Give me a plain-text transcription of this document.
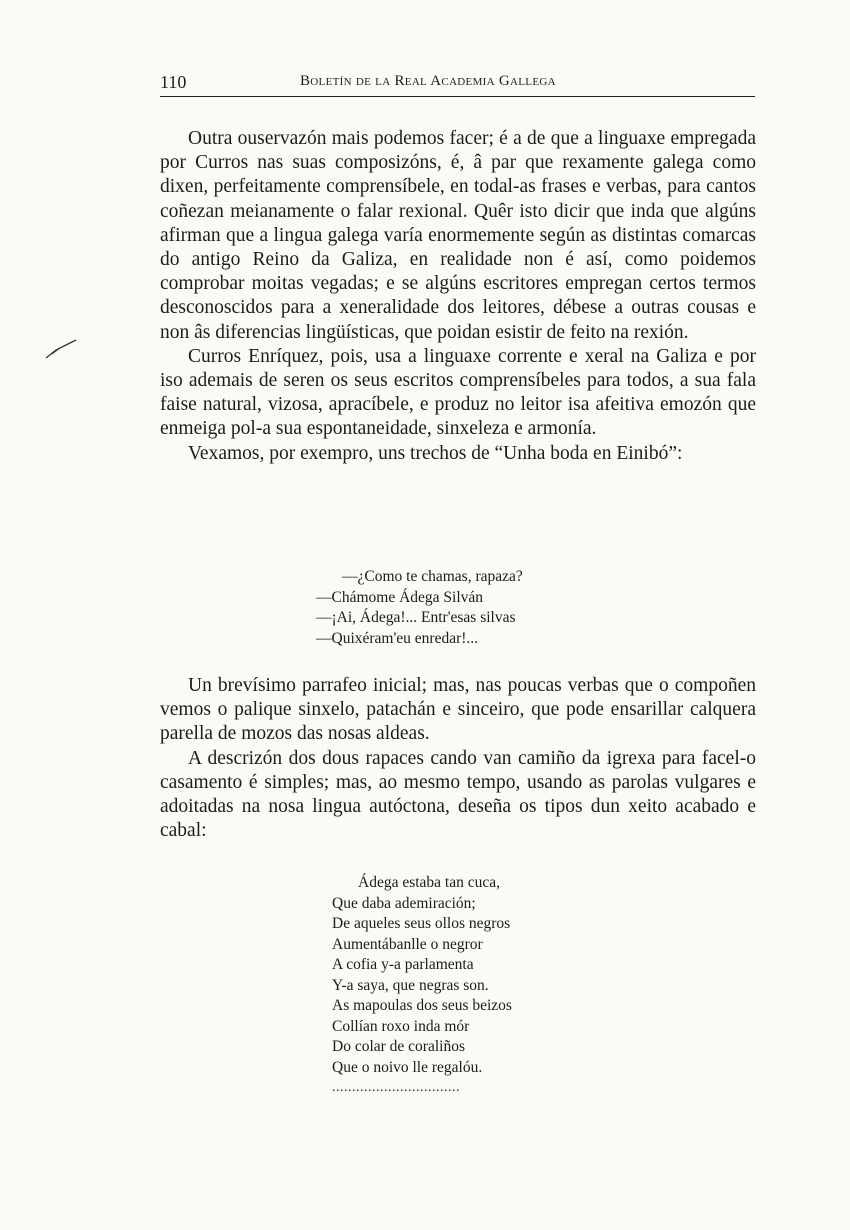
110	Boletín de la Real Academia Gallega

Outra ouservazón mais podemos facer; é a de que a linguaxe empregada por Curros nas suas composizóns, é, â par que rexamente galega como dixen, perfeitamente comprensíbele, en todal-as frases e verbas, para cantos coñezan meianamente o falar rexional. Quêr isto dicir que inda que algúns afirman que a lingua galega varía enormemente según as distintas comarcas do antigo Reino da Galiza, en realidade non é así, como poidemos comprobar moitas vegadas; e se algúns escritores empregan certos termos desconoscidos para a xeneralidade dos leitores, débese a outras cousas e non âs diferencias lingüísticas, que poidan esistir de feito na rexión.

Curros Enríquez, pois, usa a linguaxe corrente e xeral na Galiza e por iso ademais de seren os seus escritos comprensíbeles para todos, a sua fala faise natural, vizosa, apracíbele, e produz no leitor isa afeitiva emozón que enmeiga pol-a sua espontaneidade, sinxeleza e armonía.

Vexamos, por exempro, uns trechos de “Unha boda en Einibó”:

—¿Como te chamas, rapaza?
—Chámome Ádega Silván
—¡Ai, Ádega!... Entr'esas silvas
—Quixéram'eu enredar!...

Un brevísimo parrafeo inicial; mas, nas poucas verbas que o compoñen vemos o palique sinxelo, patachán e sinceiro, que pode ensarillar calquera parella de mozos das nosas aldeas.

A descrizón dos dous rapaces cando van camiño da igrexa para facel-o casamento é simples; mas, ao mesmo tempo, usando as parolas vulgares e adoitadas na nosa lingua autóctona, deseña os tipos dun xeito acabado e cabal:

Ádega estaba tan cuca,
Que daba ademiración;
De aqueles seus ollos negros
Aumentábanlle o negror
A cofia y-a parlamenta
Y-a saya, que negras son.
As mapoulas dos seus beizos
Collían roxo inda mór
Do colar de coraliños
Que o noivo lle regalóu.
................................
